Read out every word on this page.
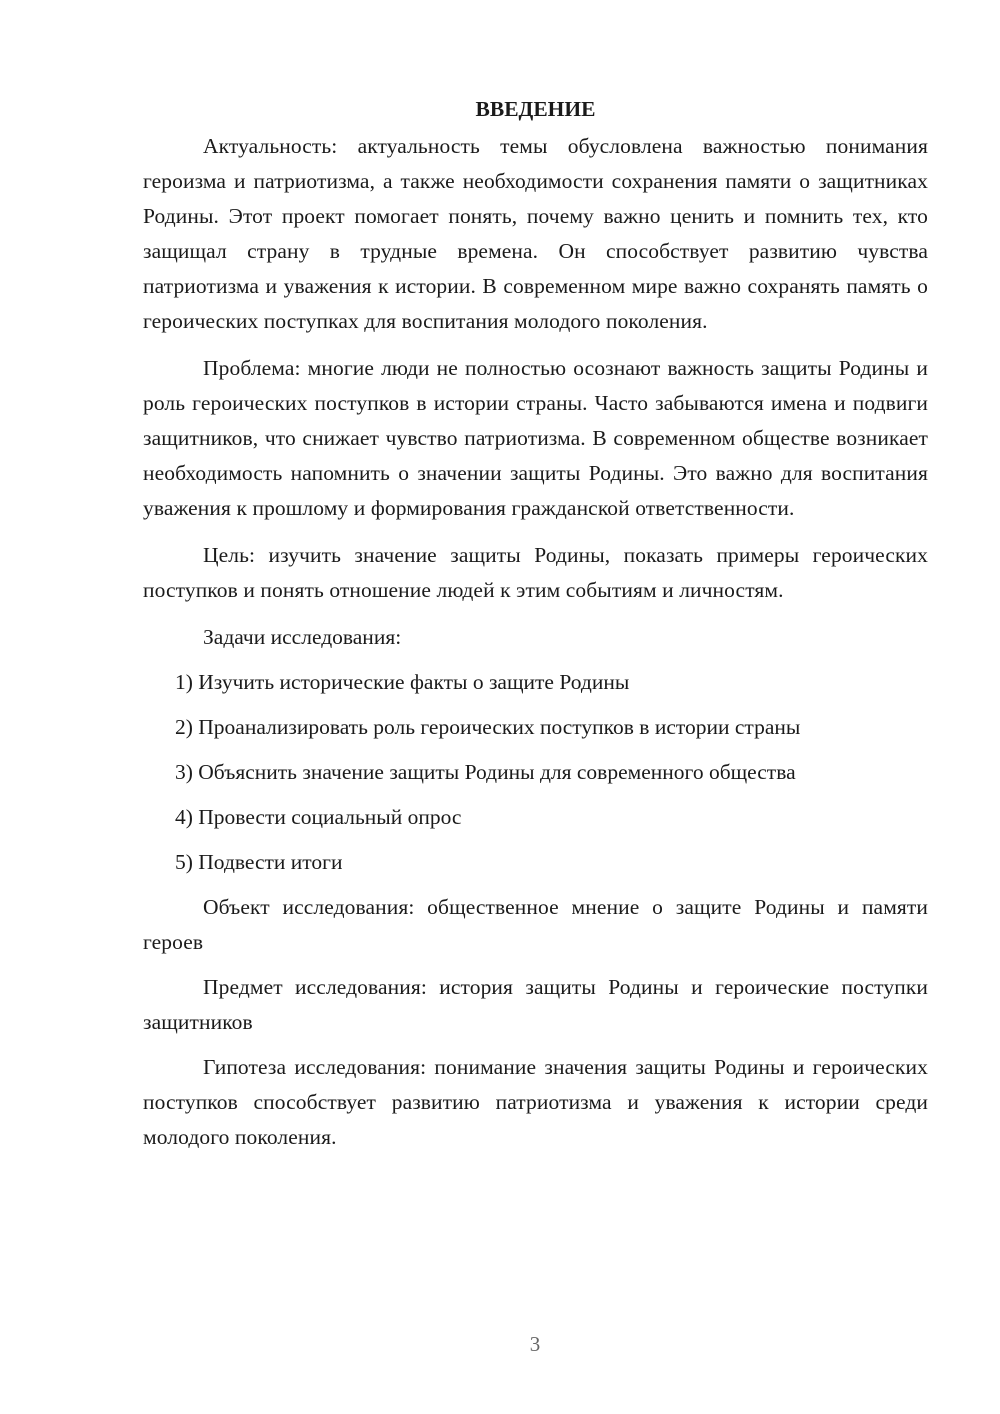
ВВЕДЕНИЕ

Актуальность: актуальность темы обусловлена важностью понимания героизма и патриотизма, а также необходимости сохранения памяти о защитниках Родины. Этот проект помогает понять, почему важно ценить и помнить тех, кто защищал страну в трудные времена. Он способствует развитию чувства патриотизма и уважения к истории. В современном мире важно сохранять память о героических поступках для воспитания молодого поколения.

Проблема: многие люди не полностью осознают важность защиты Родины и роль героических поступков в истории страны. Часто забываются имена и подвиги защитников, что снижает чувство патриотизма. В современном обществе возникает необходимость напомнить о значении защиты Родины. Это важно для воспитания уважения к прошлому и формирования гражданской ответственности.

Цель: изучить значение защиты Родины, показать примеры героических поступков и понять отношение людей к этим событиям и личностям.

Задачи исследования:
1) Изучить исторические факты о защите Родины
2) Проанализировать роль героических поступков в истории страны
3) Объяснить значение защиты Родины для современного общества
4) Провести социальный опрос
5) Подвести итоги

Объект исследования: общественное мнение о защите Родины и памяти героев

Предмет исследования: история защиты Родины и героические поступки защитников

Гипотеза исследования: понимание значения защиты Родины и героических поступков способствует развитию патриотизма и уважения к истории среди молодого поколения.

3
